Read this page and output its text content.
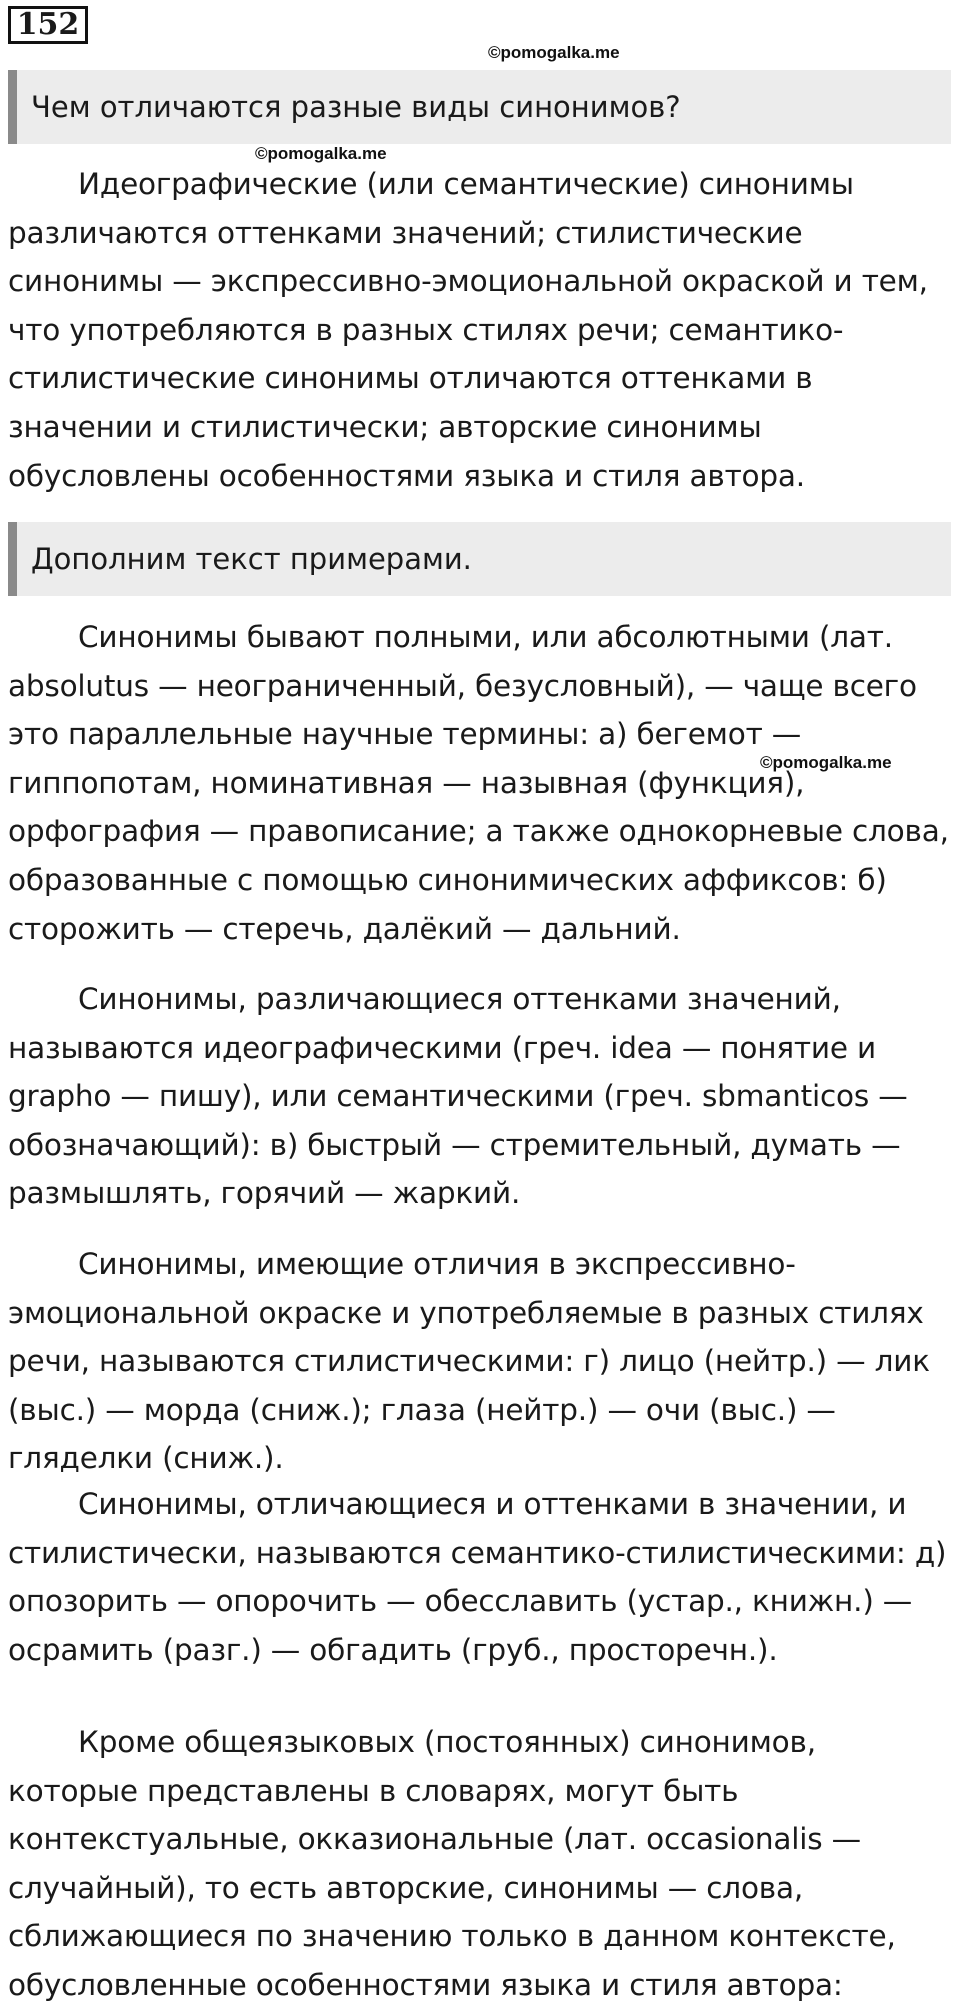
152
©pomogalka.me
Чем отличаются разные виды синонимов?
©pomogalka.me

Идеографические (или семантические) синонимы
различаются оттенками значений; стилистические
синонимы — экспрессивно-эмоциональной окраской и тем,
что употребляются в разных стилях речи; семантико-
стилистические синонимы отличаются оттенками в
значении и стилистически; авторские синонимы
обусловлены особенностями языка и стиля автора.

Дополним текст примерами.

Синонимы бывают полными, или абсолютными (лат.
absolutus — неограниченный, безусловный), — чаще всего
это параллельные научные термины: а) бегемот —
гиппопотам, номинативная — назывная (функция),
орфография — правописание; а также однокорневые слова,
образованные с помощью синонимических аффиксов: б)
сторожить — стеречь, далёкий — дальний.

©pomogalka.me

Синонимы, различающиеся оттенками значений,
называются идеографическими (греч. idea — понятие и
grapho — пишу), или семантическими (греч. sbmanticos —
обозначающий): в) быстрый — стремительный, думать —
размышлять, горячий — жаркий.

Синонимы, имеющие отличия в экспрессивно-
эмоциональной окраске и употребляемые в разных стилях
речи, называются стилистическими: г) лицо (нейтр.) — лик
(выс.) — морда (сниж.); глаза (нейтр.) — очи (выс.) —
гляделки (сниж.).

Синонимы, отличающиеся и оттенками в значении, и
стилистически, называются семантико-стилистическими: д)
опозорить — опорочить — обесславить (устар., книжн.) —
осрамить (разг.) — обгадить (груб., просторечн.).

Кроме общеязыковых (постоянных) синонимов,
которые представлены в словарях, могут быть
контекстуальные, окказиональные (лат. occasionalis —
случайный), то есть авторские, синонимы — слова,
сближающиеся по значению только в данном контексте,
обусловленные особенностями языка и стиля автора:
